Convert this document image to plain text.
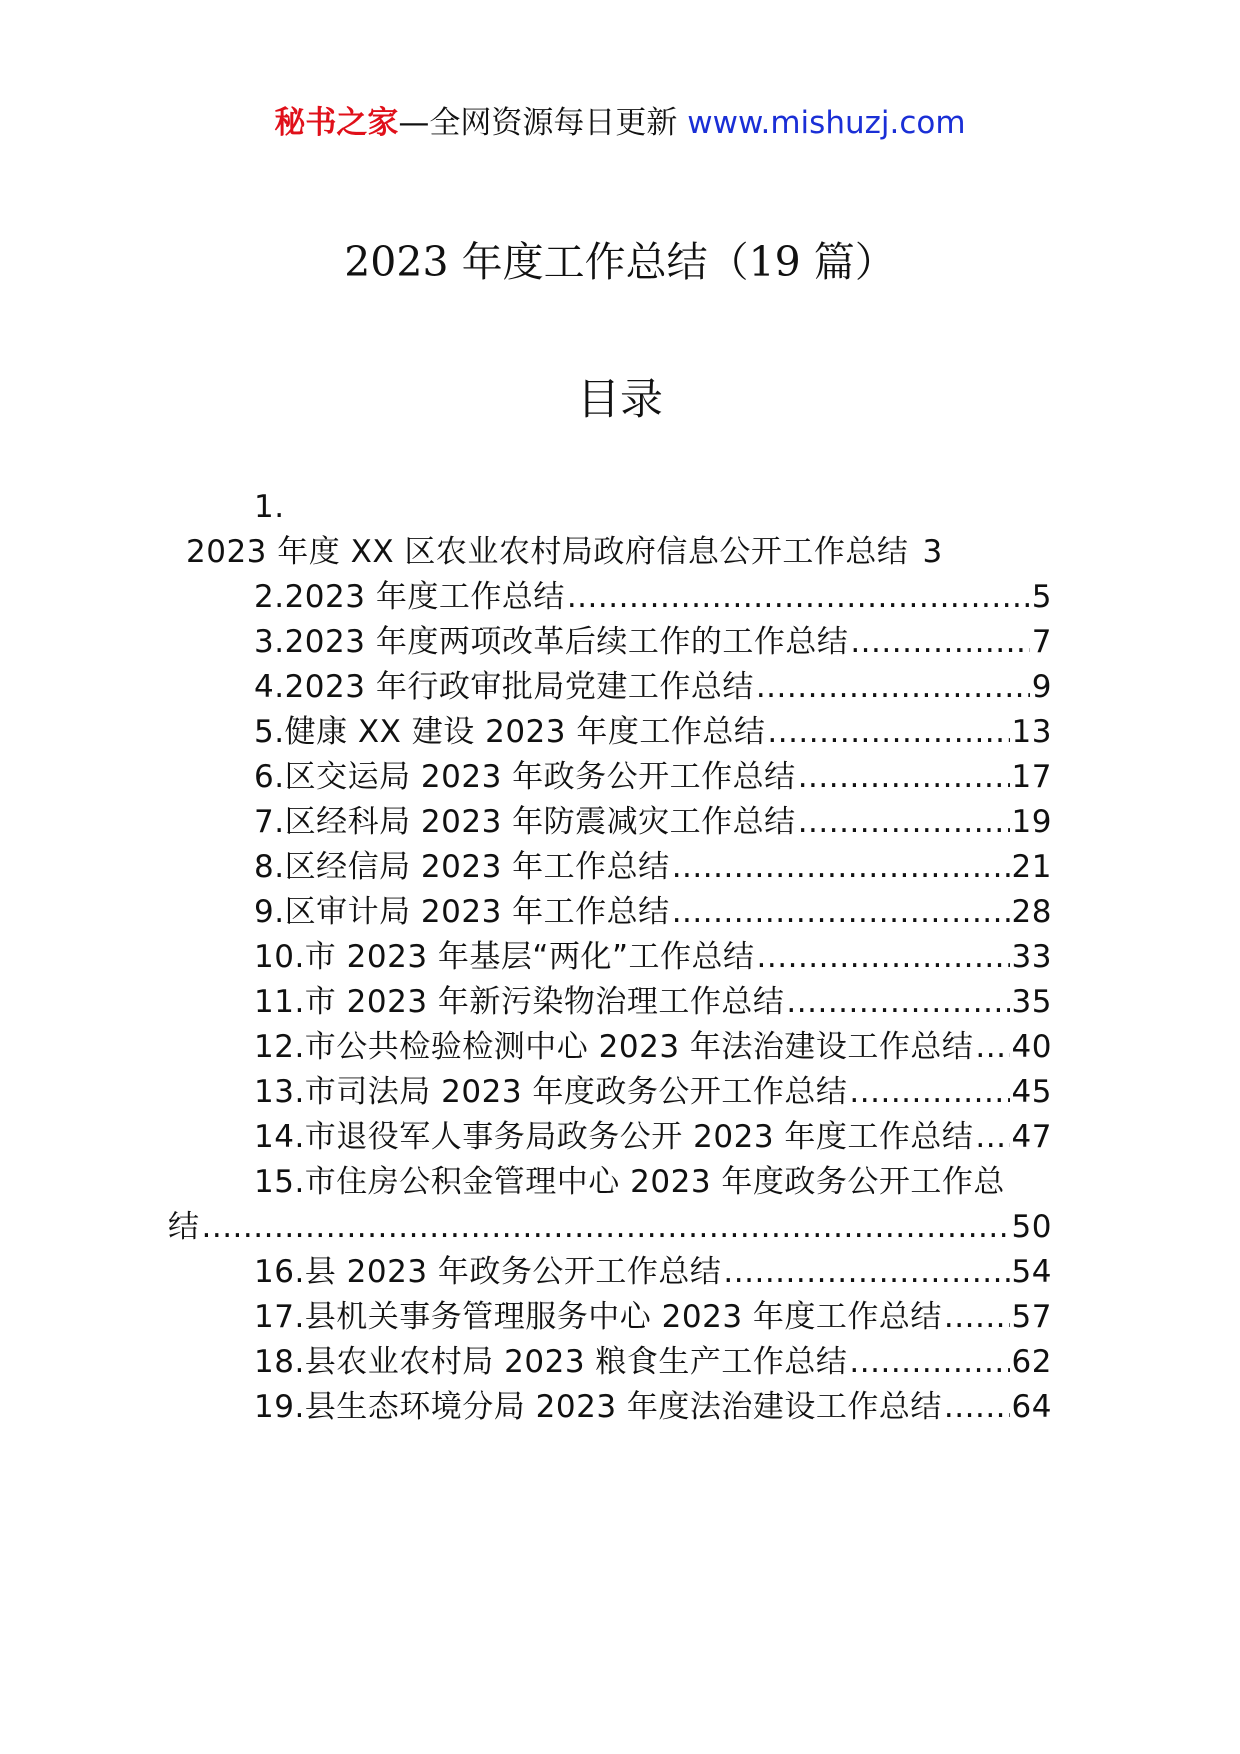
秘书之家—全网资源每日更新 www.mishuzj.com
2023 年度工作总结（19 篇）
目录
1.
2023 年度 XX 区农业农村局政府信息公开工作总结 3
2.2023 年度工作总结 .....	5
3.2023 年度两项改革后续工作的工作总结 .....	7
4.2023 年行政审批局党建工作总结 .....	9
5.健康 XX 建设 2023 年度工作总结 .....	13
6.区交运局 2023 年政务公开工作总结 .....	17
7.区经科局 2023 年防震减灾工作总结 .....	19
8.区经信局 2023 年工作总结 .....	21
9.区审计局 2023 年工作总结 .....	28
10.市 2023 年基层“两化”工作总结 .....	33
11.市 2023 年新污染物治理工作总结 .....	35
12.市公共检验检测中心 2023 年法治建设工作总结 ..... 40
13.市司法局 2023 年度政务公开工作总结 .....	45
14.市退役军人事务局政务公开 2023 年度工作总结 ..... 47
15.市住房公积金管理中心 2023 年度政务公开工作总
结 .....	50
16.县 2023 年政务公开工作总结 .....	54
17.县机关事务管理服务中心 2023 年度工作总结 ..... 57
18.县农业农村局 2023 粮食生产工作总结 .....	62
19.县生态环境分局 2023 年度法治建设工作总结 ..... 64
